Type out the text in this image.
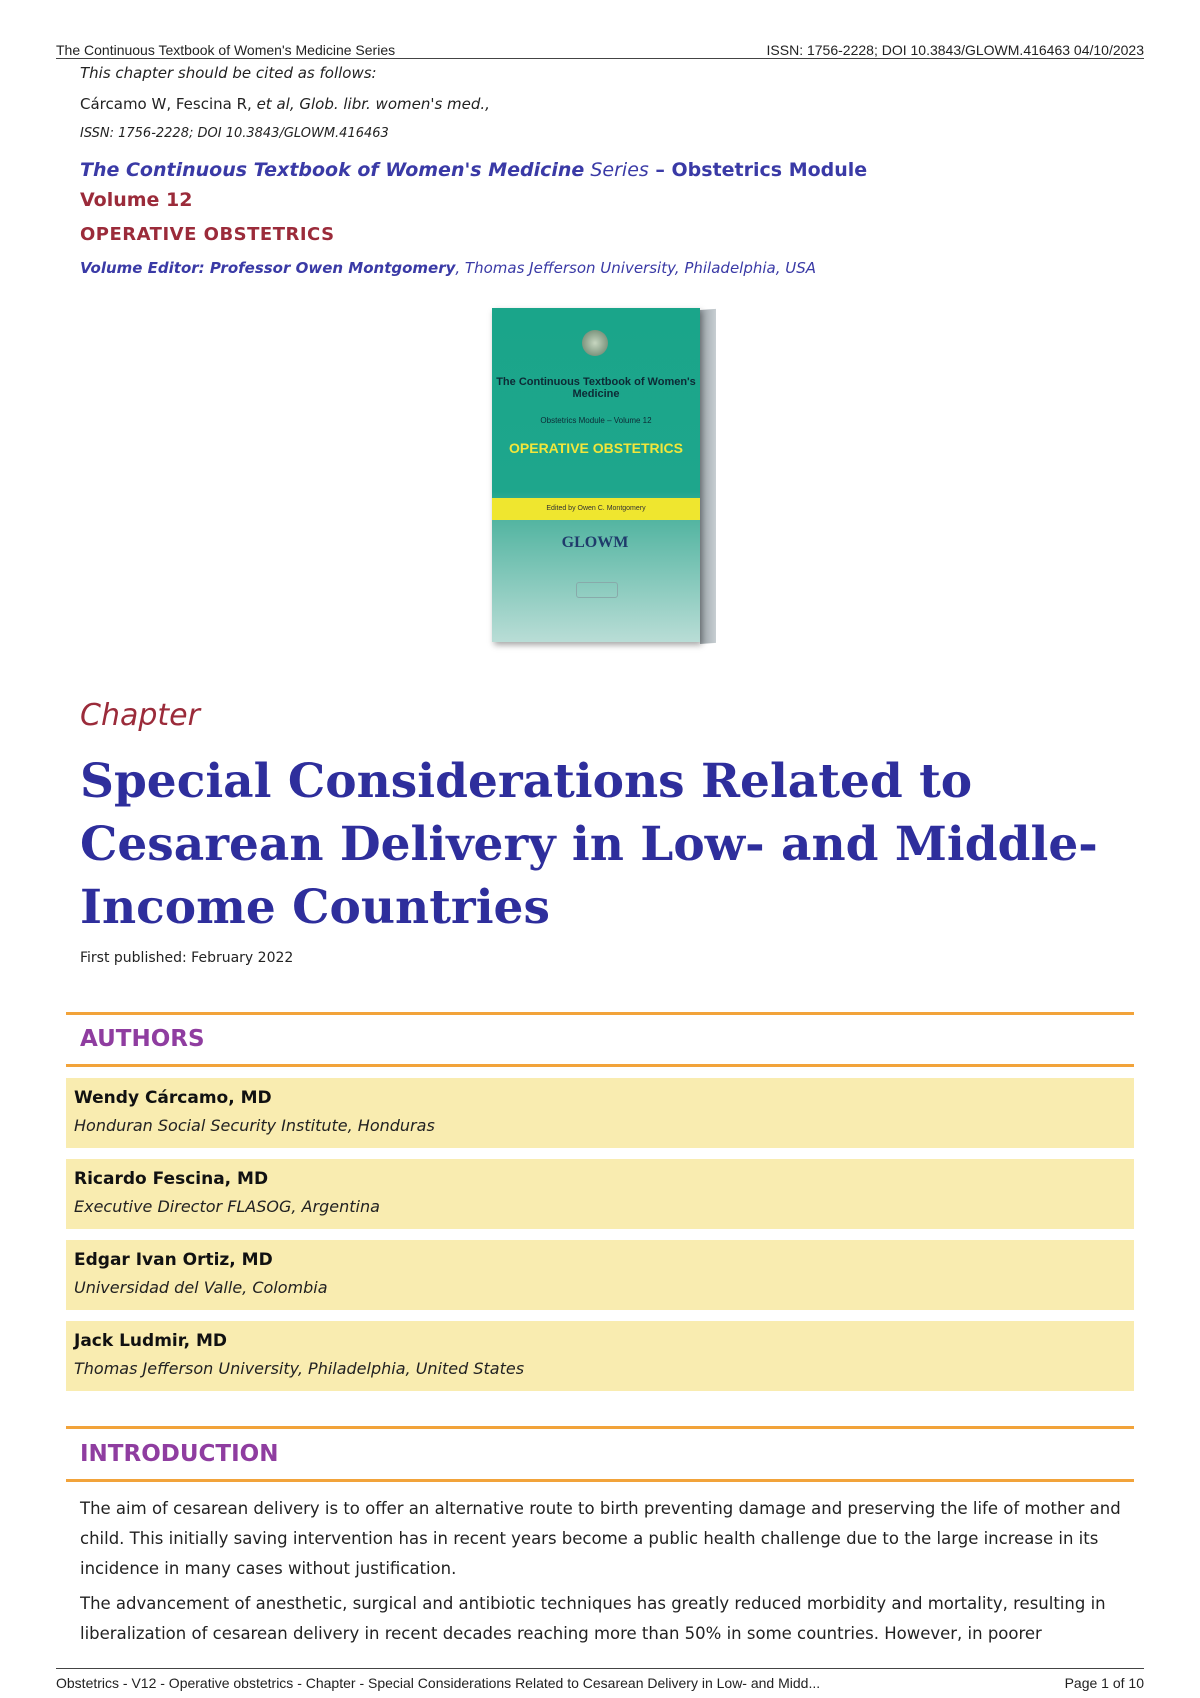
The Continuous Textbook of Women's Medicine Series	ISSN: 1756-2228; DOI 10.3843/GLOWM.416463 04/10/2023
This chapter should be cited as follows:
Cárcamo W, Fescina R, et al, Glob. libr. women's med.,
ISSN: 1756-2228; DOI 10.3843/GLOWM.416463
The Continuous Textbook of Women's Medicine Series – Obstetrics Module
Volume 12
OPERATIVE OBSTETRICS
Volume Editor: Professor Owen Montgomery, Thomas Jefferson University, Philadelphia, USA
The Continuous Textbook of Women's Medicine
Obstetrics Module – Volume 12
OPERATIVE OBSTETRICS
Edited by Owen C. Montgomery
GLOWM
Chapter
Special Considerations Related to Cesarean Delivery in Low- and Middle-Income Countries
First published: February 2022
AUTHORS
Wendy Cárcamo, MD
Honduran Social Security Institute, Honduras
Ricardo Fescina, MD
Executive Director FLASOG, Argentina
Edgar Ivan Ortiz, MD
Universidad del Valle, Colombia
Jack Ludmir, MD
Thomas Jefferson University, Philadelphia, United States
INTRODUCTION
The aim of cesarean delivery is to offer an alternative route to birth preventing damage and preserving the life of mother and child. This initially saving intervention has in recent years become a public health challenge due to the large increase in its incidence in many cases without justification.
The advancement of anesthetic, surgical and antibiotic techniques has greatly reduced morbidity and mortality, resulting in liberalization of cesarean delivery in recent decades reaching more than 50% in some countries. However, in poorer
Obstetrics - V12 - Operative obstetrics - Chapter - Special Considerations Related to Cesarean Delivery in Low- and Midd...	Page 1 of 10
